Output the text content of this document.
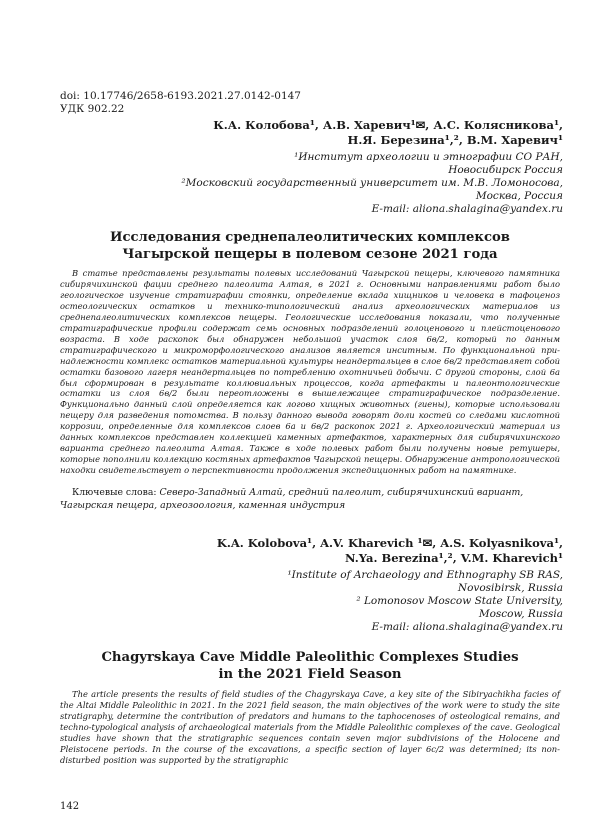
doi: 10.17746/2658-6193.2021.27.0142-0147
УДК 902.22
К.А. Колобова¹, А.В. Харевич¹✉, А.С. Колясникова¹,
Н.Я. Березина¹,², В.М. Харевич¹
¹Институт археологии и этнографии СО РАН,
Новосибирск Россия
²Московский государственный университет им. М.В. Ломоносова,
Москва, Россия
E-mail: aliona.shalagina@yandex.ru
Исследования среднепалеолитических комплексов
Чагырской пещеры в полевом сезоне 2021 года

В статье представлены результаты полевых исследований Чагырской пещеры, ключевого памятника сибирячихинской фации среднего палеолита Алтая, в 2021 г. Основными направлениями работ было геологическое изучение стратиграфии стоянки, определение вклада хищников и человека в тафоценоз остеологических остатков и технико-типологический анализ археологических материалов из среднепалеолитических комплексов пещеры. Геологические исследования показали, что полученные стратиграфические профили содержат семь основных подразделений голоценового и плейстоценового возраста. В ходе раскопок был обнаружен небольшой участок слоя 6в/2, который по данным стратиграфического и микроморфологического анализов является инситным. По функциональной принадлежности комплекс остатков материальной культуры неандертальцев в слое 6в/2 представляет собой остатки базового лагеря неандертальцев по потреблению охотничьей добычи. С другой стороны, слой 6а был сформирован в результате коллювиальных процессов, когда артефакты и палеонтологические остатки из слоя 6в/2 были переотложены в вышележащее стратиграфическое подразделение. Функционально данный слой определяется как логово хищных животных (гиены), которые использовали пещеру для разведения потомства. В пользу данного вывода говорят доли костей со следами кислотной коррозии, определенные для комплексов слоев 6а и 6в/2 раскопок 2021 г. Археологический материал из данных комплексов представлен коллекцией каменных артефактов, характерных для сибирячихинского варианта среднего палеолита Алтая. Также в ходе полевых работ были получены новые ретушеры, которые пополнили коллекцию костяных артефактов Чагырской пещеры. Обнаружение антропологической находки свидетельствует о перспективности продолжения экспедиционных работ на памятнике.

Ключевые слова: Северо-Западный Алтай, средний палеолит, сибирячихинский вариант, Чагырская пещера, археозоология, каменная индустрия

K.A. Kolobova¹, A.V. Kharevich ¹✉, A.S. Kolyasnikova¹,
N.Ya. Berezina¹,², V.M. Kharevich¹
¹Institute of Archaeology and Ethnography SB RAS,
Novosibirsk, Russia
² Lomonosov Moscow State University,
Moscow, Russia
E-mail: aliona.shalagina@yandex.ru
Chagyrskaya Cave Middle Paleolithic Complexes Studies
in the 2021 Field Season

The article presents the results of field studies of the Chagyrskaya Cave, a key site of the Sibiryachikha facies of the Altai Middle Paleolithic in 2021. In the 2021 field season, the main objectives of the work were to study the site stratigraphy, determine the contribution of predators and humans to the taphocenoses of osteological remains, and techno-typological analysis of archaeological materials from the Middle Paleolithic complexes of the cave. Geological studies have shown that the stratigraphic sequences contain seven major subdivisions of the Holocene and Pleistocene periods. In the course of the excavations, a specific section of layer 6c/2 was determined; its non-disturbed position was supported by the stratigraphic

142
